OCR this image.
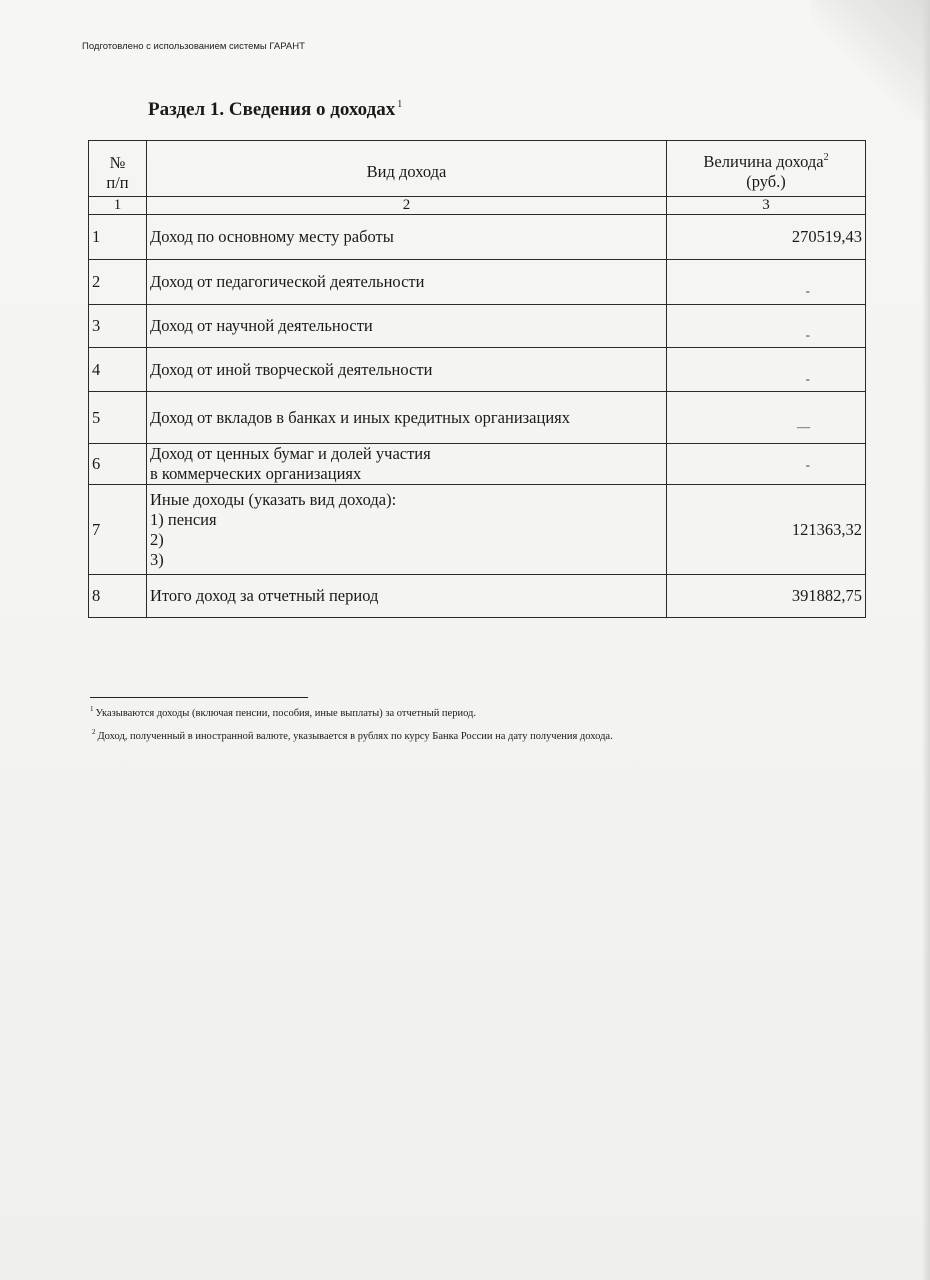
Подготовлено с использованием системы ГАРАНТ
Раздел 1. Сведения о доходах $^1$
№ п/п	Вид дохода	Величина дохода$^2$
(руб.)
1	2	3
1	Доход по основному месту работы	270519,43
2	Доход от педагогической деятельности	-
3	Доход от научной деятельности	-
4	Доход от иной творческой деятельности	-
5	Доход от вкладов в банках и иных кредитных организациях	—
6	Доход от ценных бумаг и долей участия
в коммерческих организациях	-
7	Иные доходы (указать вид дохода):
1) пенсия
2)
3)	121363,32
8	Итого доход за отчетный период	391882,75
$^1$ Указываются доходы (включая пенсии, пособия, иные выплаты) за отчетный период.
$^2$ Доход, полученный в иностранной валюте, указывается в рублях по курсу Банка России на дату получения дохода.
